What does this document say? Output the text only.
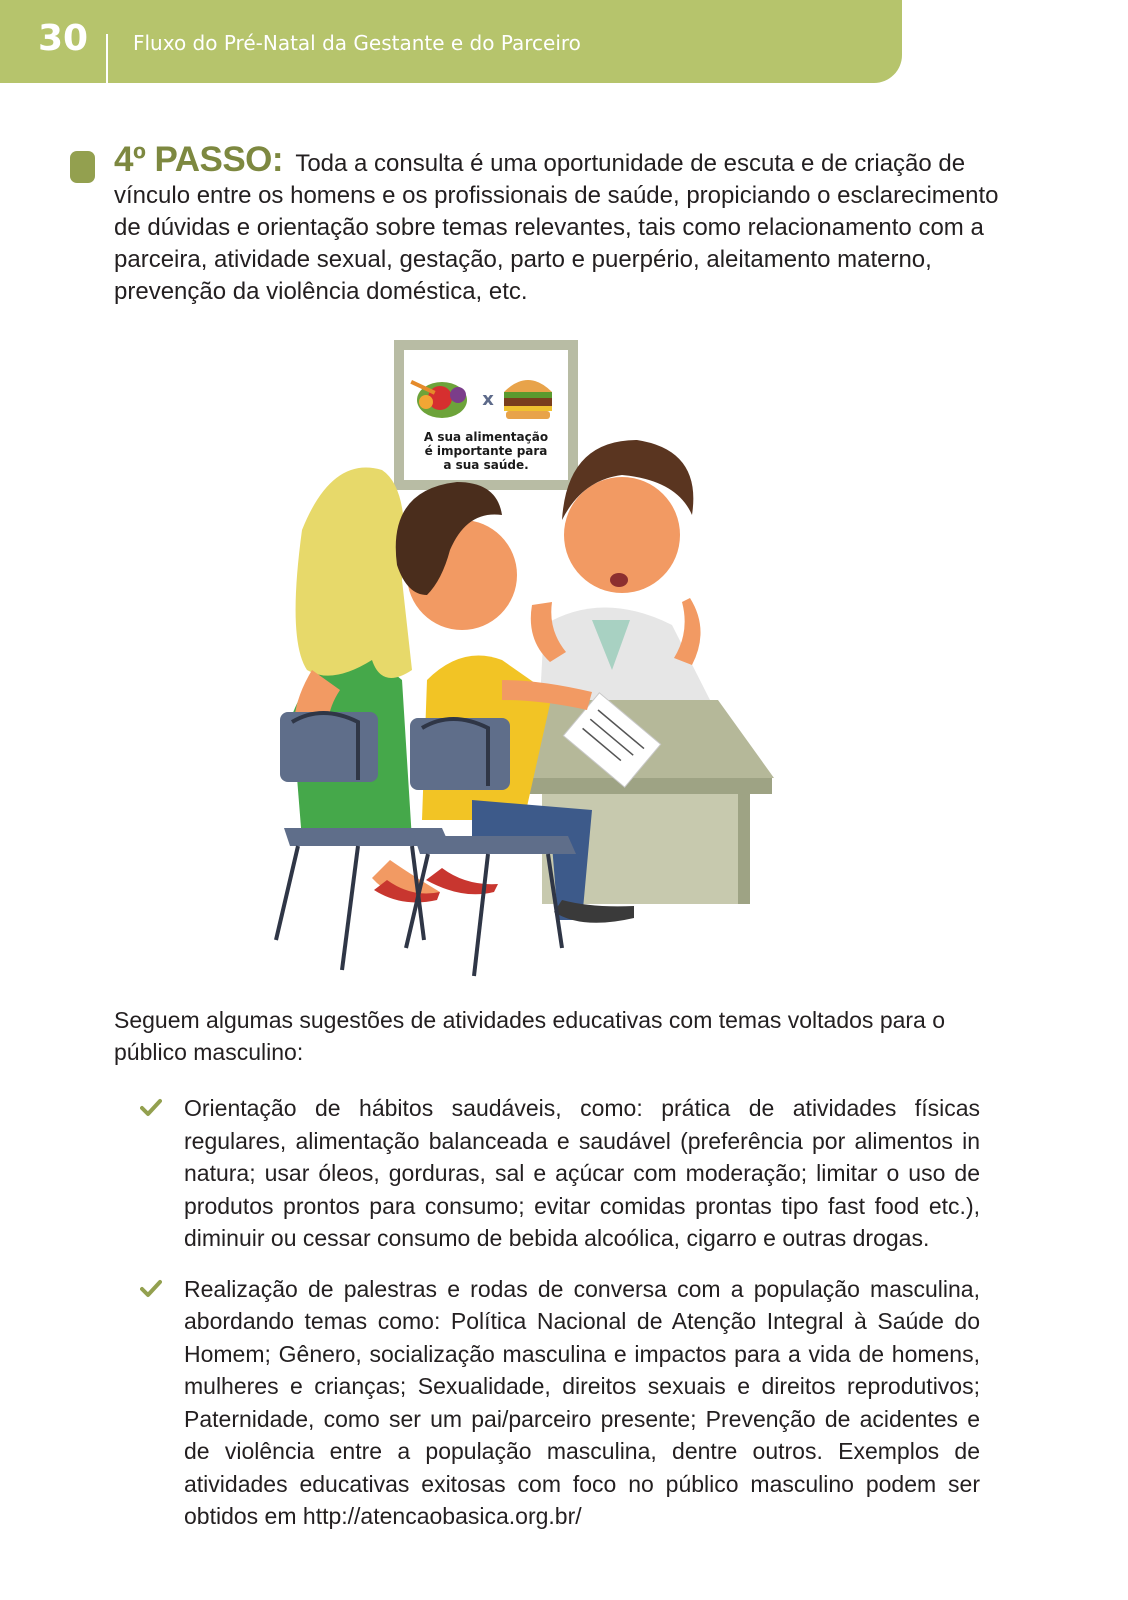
30 Fluxo do Pré-Natal da Gestante e do Parceiro

4º PASSO: Toda a consulta é uma oportunidade de escuta e de criação de vínculo entre os homens e os profissionais de saúde, propiciando o esclarecimento de dúvidas e orientação sobre temas relevantes, tais como relacionamento com a parceira, atividade sexual, gestação, parto e puerpério, aleitamento materno, prevenção da violência doméstica, etc.

x
A sua alimentação
é importante para
a sua saúde.

Seguem algumas sugestões de atividades educativas com temas voltados para o público masculino:

Orientação de hábitos saudáveis, como: prática de atividades físicas regulares, alimentação balanceada e saudável (preferência por alimentos in natura; usar óleos, gorduras, sal e açúcar com moderação; limitar o uso de produtos prontos para consumo; evitar comidas prontas tipo fast food etc.), diminuir ou cessar consumo de bebida alcoólica, cigarro e outras drogas.
Realização de palestras e rodas de conversa com a população masculina, abordando temas como: Política Nacional de Atenção Integral à Saúde do Homem; Gênero, socialização masculina e impactos para a vida de homens, mulheres e crianças; Sexualidade, direitos sexuais e direitos reprodutivos; Paternidade, como ser um pai/parceiro presente; Prevenção de acidentes e de violência entre a população masculina, dentre outros. Exemplos de atividades educativas exitosas com foco no público masculino podem ser obtidos em http://atencaobasica.org.br/
